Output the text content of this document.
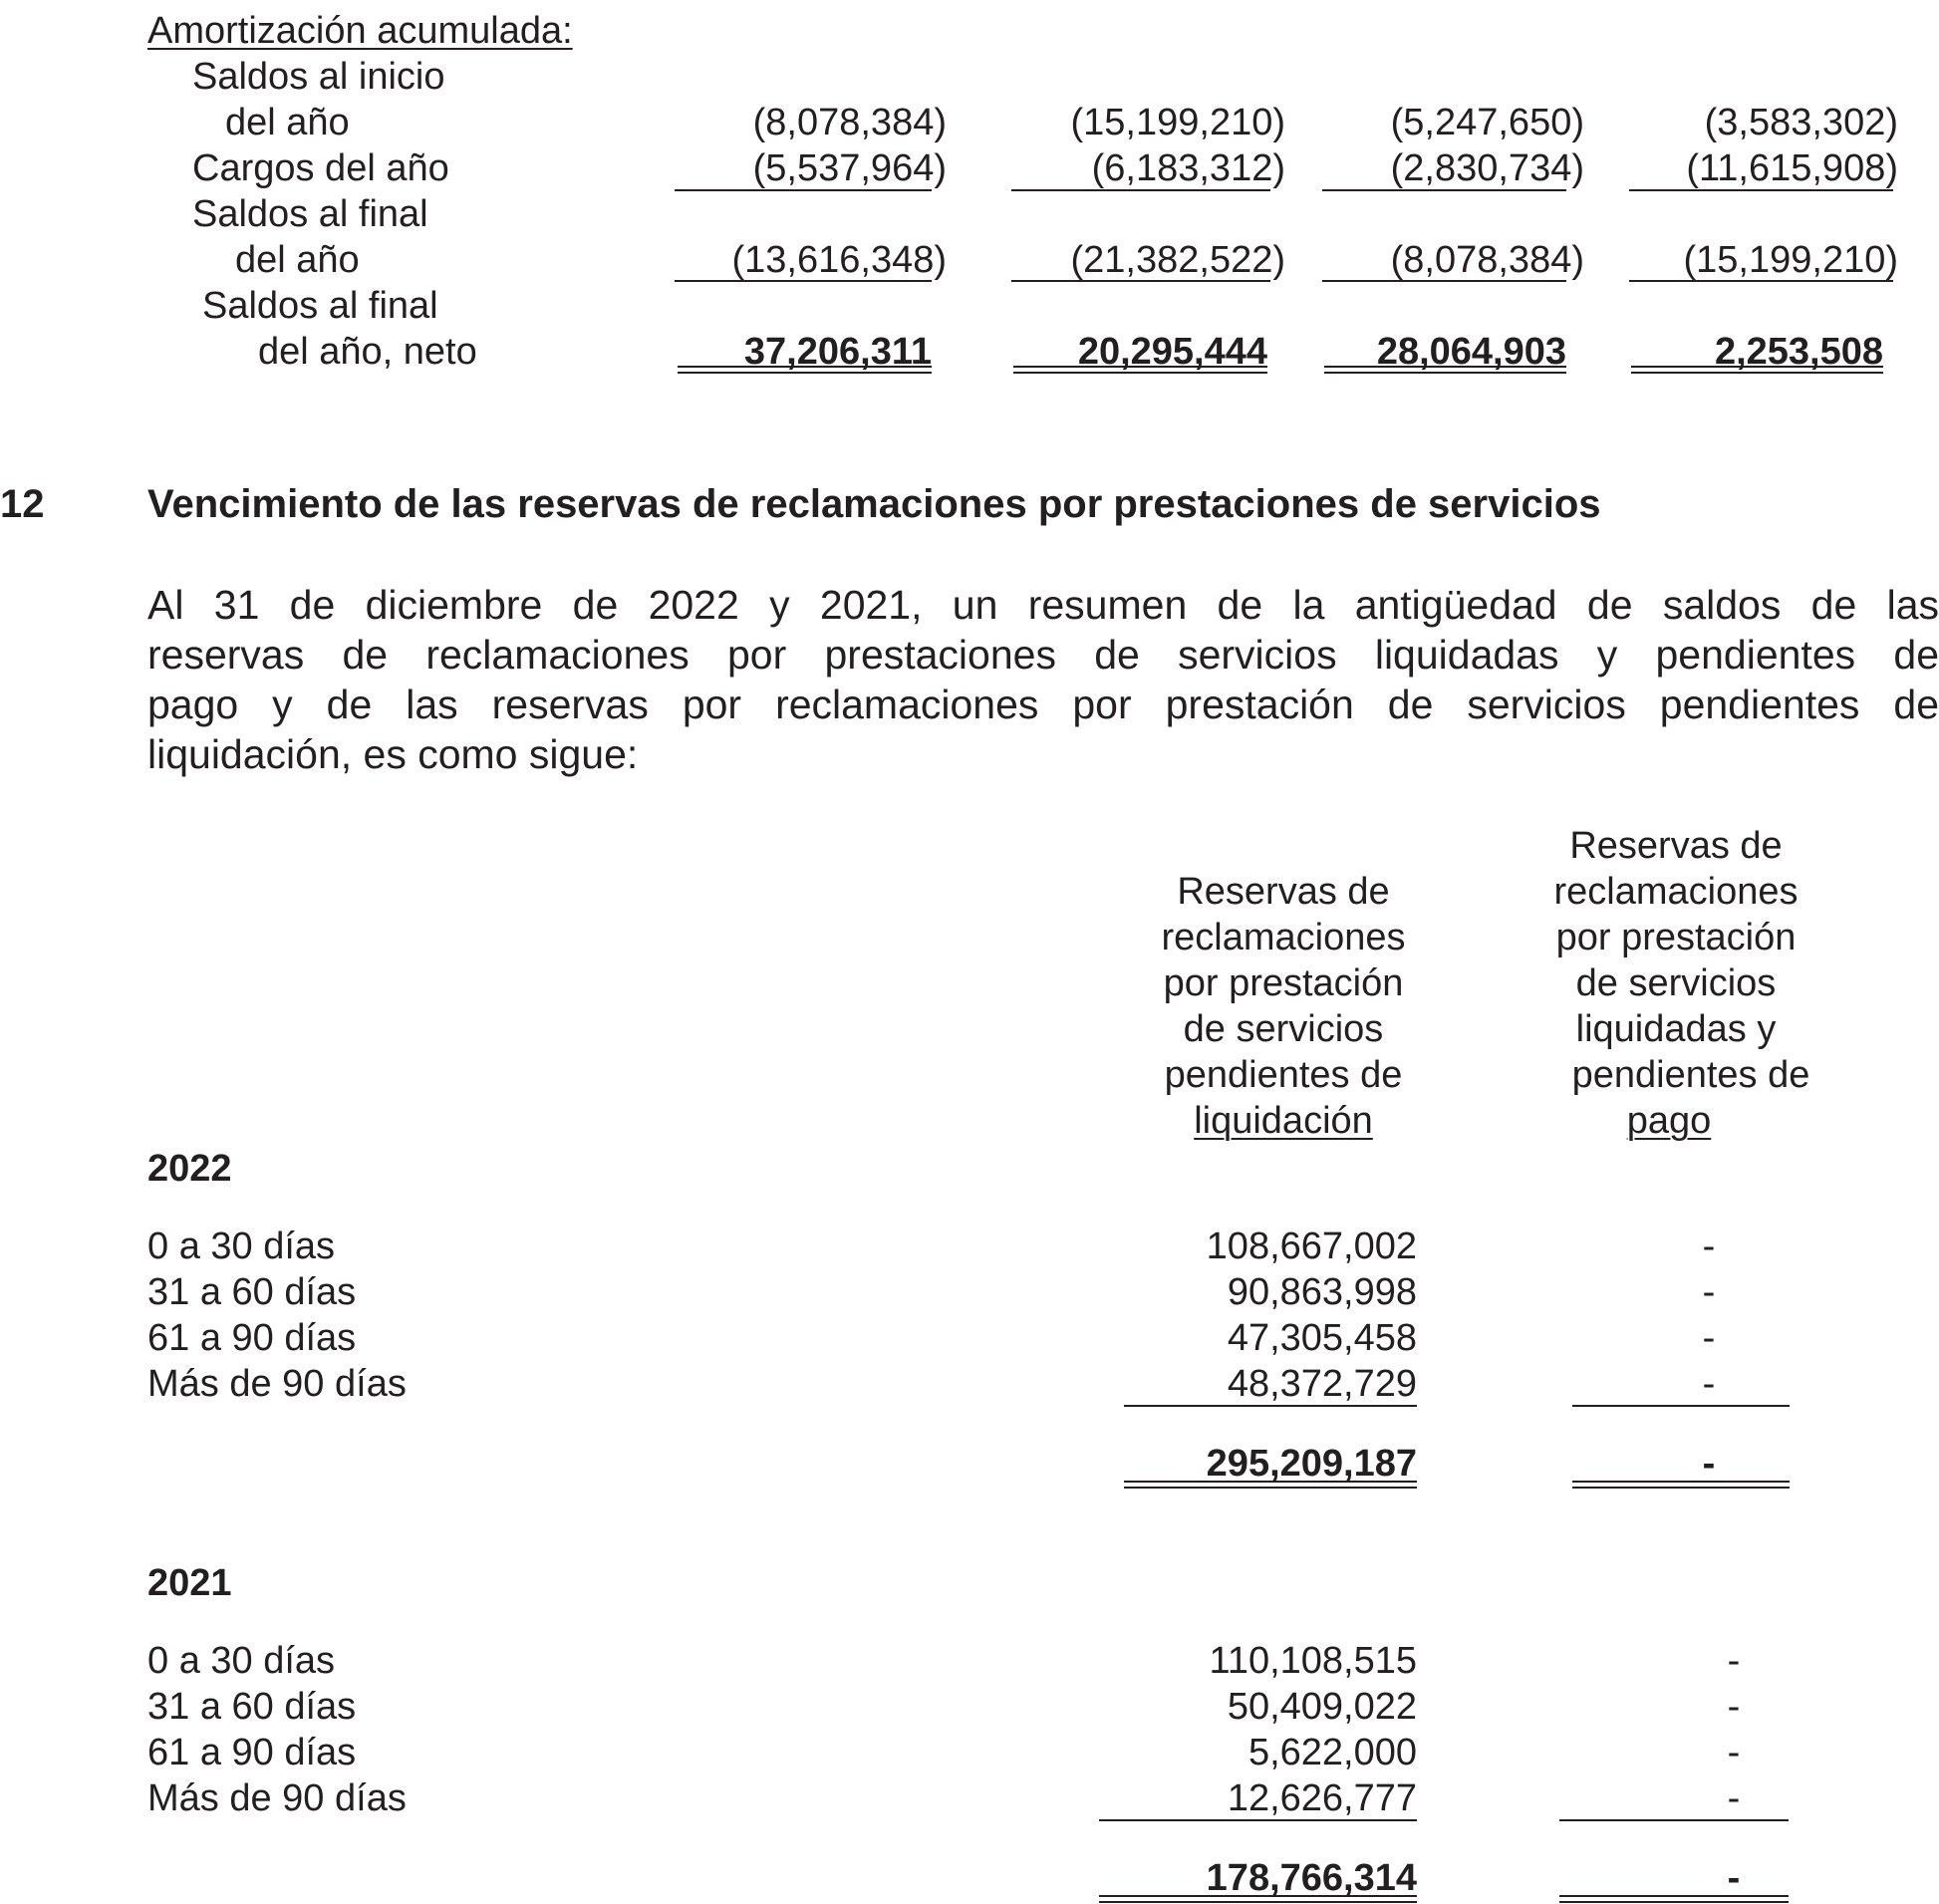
Amortización acumulada:
Saldos al inicio
del año	(8,078,384)	(15,199,210)	(5,247,650)	(3,583,302)
Cargos del año	(5,537,964)	(6,183,312)	(2,830,734)	(11,615,908)
Saldos al final
del año	(13,616,348)	(21,382,522)	(8,078,384)	(15,199,210)
Saldos al final
del año, neto	37,206,311	20,295,444	28,064,903	2,253,508
12	Vencimiento de las reservas de reclamaciones por prestaciones de servicios
Al 31 de diciembre de 2022 y 2021, un resumen de la antigüedad de saldos de las
reservas de reclamaciones por prestaciones de servicios liquidadas y pendientes de
pago y de las reservas por reclamaciones por prestación de servicios pendientes de
liquidación, es como sigue:
Reservas de
reclamaciones
por prestación
de servicios
pendientes de
liquidación
Reservas de
reclamaciones
por prestación
de servicios
liquidadas y
pendientes de
pago
2022
0 a 30 días	108,667,002	-
31 a 60 días	90,863,998	-
61 a 90 días	47,305,458	-
Más de 90 días	48,372,729	-
295,209,187	-
2021
0 a 30 días	110,108,515	-
31 a 60 días	50,409,022	-
61 a 90 días	5,622,000	-
Más de 90 días	12,626,777	-
178,766,314	-
